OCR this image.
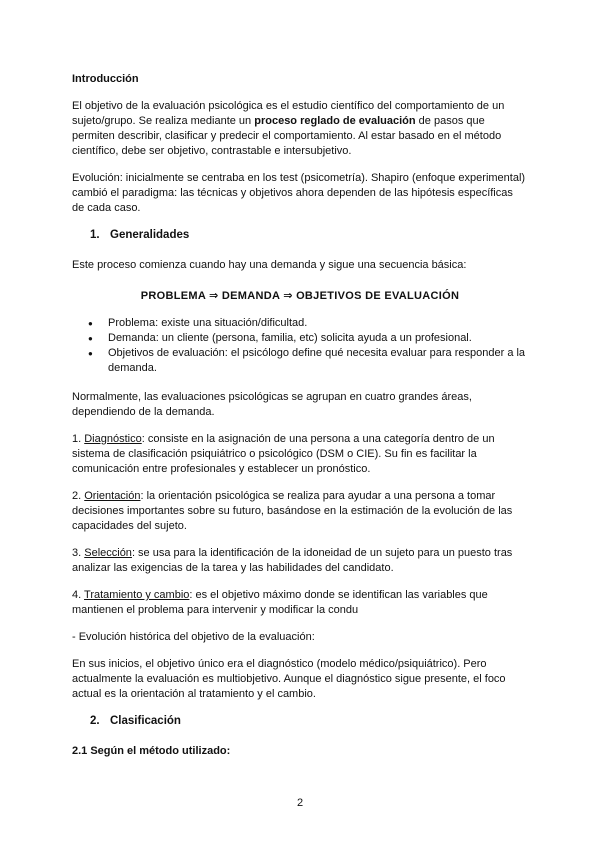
Introducción

El objetivo de la evaluación psicológica es el estudio científico del comportamiento de un sujeto/grupo. Se realiza mediante un proceso reglado de evaluación de pasos que permiten describir, clasificar y predecir el comportamiento. Al estar basado en el método científico, debe ser objetivo, contrastable e intersubjetivo.

Evolución: inicialmente se centraba en los test (psicometría). Shapiro (enfoque experimental) cambió el paradigma: las técnicas y objetivos ahora dependen de las hipótesis específicas de cada caso.

1. Generalidades

Este proceso comienza cuando hay una demanda y sigue una secuencia básica:

PROBLEMA ⇒ DEMANDA ⇒ OBJETIVOS DE EVALUACIÓN

● Problema: existe una situación/dificultad.
● Demanda: un cliente (persona, familia, etc) solicita ayuda a un profesional.
● Objetivos de evaluación: el psicólogo define qué necesita evaluar para responder a la demanda.

Normalmente, las evaluaciones psicológicas se agrupan en cuatro grandes áreas, dependiendo de la demanda.

1. Diagnóstico: consiste en la asignación de una persona a una categoría dentro de un sistema de clasificación psiquiátrico o psicológico (DSM o CIE). Su fin es facilitar la comunicación entre profesionales y establecer un pronóstico.

2. Orientación: la orientación psicológica se realiza para ayudar a una persona a tomar decisiones importantes sobre su futuro, basándose en la estimación de la evolución de las capacidades del sujeto.

3. Selección: se usa para la identificación de la idoneidad de un sujeto para un puesto tras analizar las exigencias de la tarea y las habilidades del candidato.

4. Tratamiento y cambio: es el objetivo máximo donde se identifican las variables que mantienen el problema para intervenir y modificar la condu

- Evolución histórica del objetivo de la evaluación:

En sus inicios, el objetivo único era el diagnóstico (modelo médico/psiquiátrico). Pero actualmente la evaluación es multiobjetivo. Aunque el diagnóstico sigue presente, el foco actual es la orientación al tratamiento y el cambio.

2. Clasificación

2.1 Según el método utilizado:

2
